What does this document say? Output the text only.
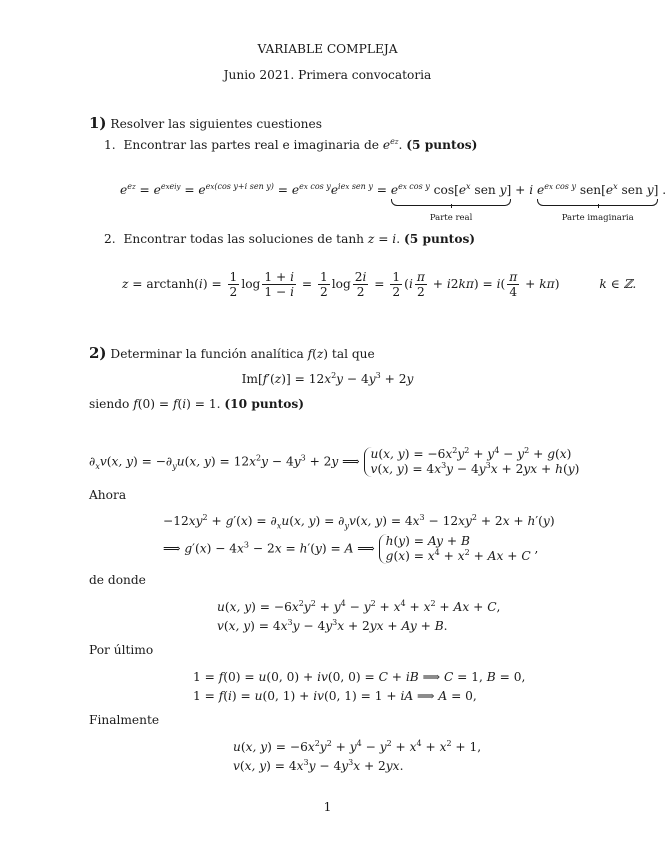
VARIABLE COMPLEJA
Junio 2021. Primera convocatoria
1) Resolver las siguientes cuestiones
1. Encontrar las partes real e imaginaria de $e^{ez}$. (5 puntos)
$e^{ez} = e^{exeiy} = e^{ex(cos y+i sen y)} = e^{ex cos y}e^{iex sen y} = e^{ex cos y}$ $\cos[e^x$ sen y]
Parte real
+ i $e^{ex cos y}$ $sen[e^x$ sen y]
Parte imaginaria
.
2. Encontrar todas las soluciones de tanh z = i. (5 puntos)
$z = \arctan h(i) = \frac{1}{2}$ $\log \frac{1 + i}{1 - i} = \frac{1}{2}$ $\log \frac{2i}{2} = \frac{1}{2} (i \frac{\pi}{2} + i2k\pi) = i( \frac{\pi}{4} + k\pi)$	k ∈ ℤ.
2) Determinar la función analítica f(z) tal que
$Im[f'(z)] = 12x^2y - 4y^3 + 2y$
siendo f(0) = f(i) = 1. (10 puntos)
$\partial_xv(x$, $y) = -\partial_yu(x$, $y) = 12x^2y - 4y^3 + 2y$ ⟹ u(x, $y) = -6x^2y^2 + y^4 - y^2 + g(x)$
v(x, $y) = 4x^3y - 4y^3x + 2yx + h(y)$
Ahora
$-12xy^2 + g'(x) = \partial_xu(x$, $y) = \partial_yv(x$, $y) = 4x^3 - 12xy^2 + 2x + h'(y)$
⟹ $g'(x) - 4x^3 - 2x = h'(y) = A$ ⟹ h(y) = Ay + B
$g(x) = x^4 + x^2 + Ax + C$ ,
de donde
u(x, $y) = -6x^2y^2 + y^4 - y^2 + x^4 + x^2 + Ax + C$,
v(x, $y) = 4x^3y - 4y^3x + 2yx + Ay + B$.
Por último
1 = f(0) = u(0, 0) + iv(0, 0) = C + iB ⟹ C = 1, B = 0,
1 = f(i) = u(0, 1) + iv(0, 1) = 1 + iA ⟹ A = 0,
Finalmente
u(x, $y) = -6x^2y^2 + y^4 - y^2 + x^4 + x^2 + 1$,
v(x, $y) = 4x^3y - 4y^3x + 2yx$.
1
